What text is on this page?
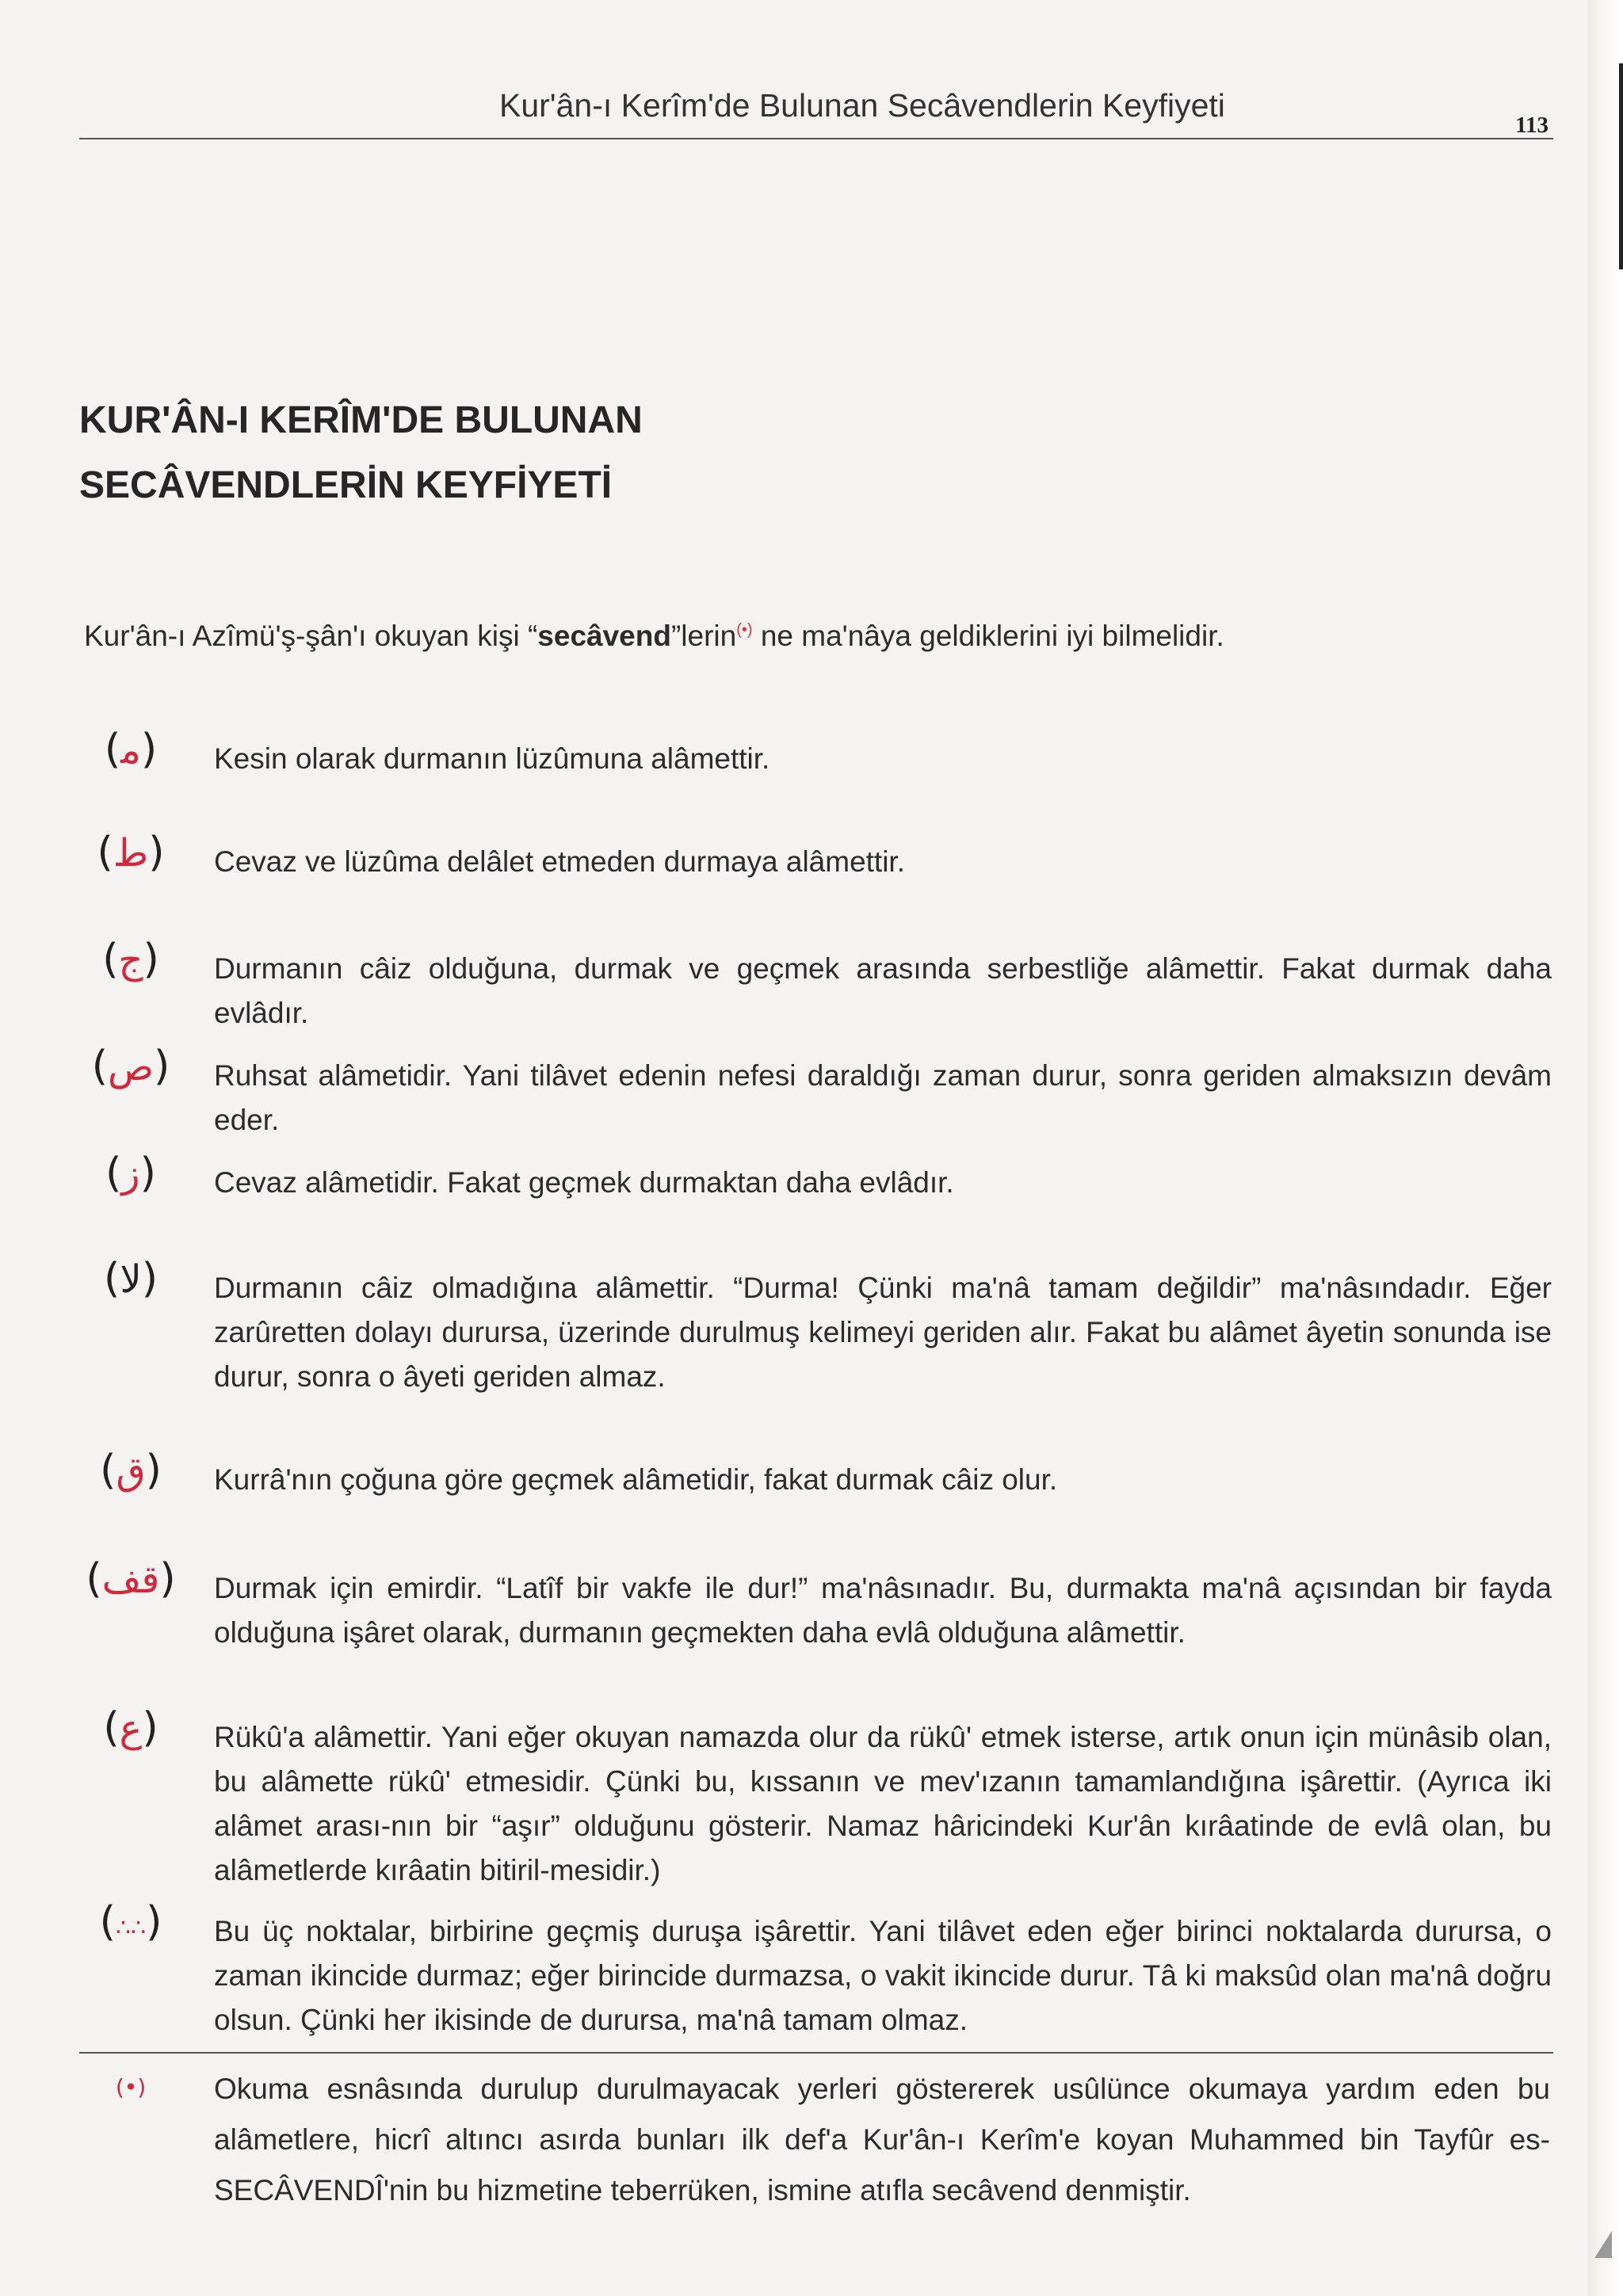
Kur'ân-ı Kerîm'de Bulunan Secâvendlerin Keyfiyeti
113
KUR'ÂN-I KERÎM'DE BULUNAN
SECÂVENDLERİN KEYFİYETİ
Kur'ân-ı Azîmü'ş-şân'ı okuyan kişi “secâvend”lerin(•) ne ma'nâya geldiklerini iyi bilmelidir.
(ﻣ)	Kesin olarak durmanın lüzûmuna alâmettir.
(ط)	Cevaz ve lüzûma delâlet etmeden durmaya alâmettir.
(ج)	Durmanın câiz olduğuna, durmak ve geçmek arasında serbestliğe alâmettir. Fakat durmak daha evlâdır.
(ص)	Ruhsat alâmetidir. Yani tilâvet edenin nefesi daraldığı zaman durur, sonra geriden almaksızın devâm eder.
(ز)	Cevaz alâmetidir. Fakat geçmek durmaktan daha evlâdır.
(لا)	Durmanın câiz olmadığına alâmettir. “Durma! Çünki ma'nâ tamam değildir” ma'nâsındadır. Eğer zarûretten dolayı durursa, üzerinde durulmuş kelimeyi geriden alır. Fakat bu alâmet âyetin sonunda ise durur, sonra o âyeti geriden almaz.
(ق)	Kurrâ'nın çoğuna göre geçmek alâmetidir, fakat durmak câiz olur.
(قف) Durmak için emirdir. “Latîf bir vakfe ile dur!” ma'nâsınadır. Bu, durmakta ma'nâ açısından bir fayda olduğuna işâret olarak, durmanın geçmekten daha evlâ olduğuna alâmettir.
(ع)	Rükû'a alâmettir. Yani eğer okuyan namazda olur da rükû' etmek isterse, artık onun için münâsib olan, bu alâmette rükû' etmesidir. Çünki bu, kıssanın ve mev'ızanın tamamlandığına işârettir. (Ayrıca iki alâmet arası-nın bir “aşır” olduğunu gösterir. Namaz hâricindeki Kur'ân kırâatinde de evlâ olan, bu alâmetlerde kırâatin bitiril-mesidir.)
(∴∴)	Bu üç noktalar, birbirine geçmiş duruşa işârettir. Yani tilâvet eden eğer birinci noktalarda durursa, o zaman ikincide durmaz; eğer birincide durmazsa, o vakit ikincide durur. Tâ ki maksûd olan ma'nâ doğru olsun. Çünki her ikisinde de durursa, ma'nâ tamam olmaz.
(•)	Okuma esnâsında durulup durulmayacak yerleri göstererek usûlünce okumaya yardım eden bu alâmetlere, hicrî altıncı asırda bunları ilk def'a Kur'ân-ı Kerîm'e koyan Muhammed bin Tayfûr es-SECÂVENDÎ'nin bu hizmetine teberrüken, ismine atıfla secâvend denmiştir.
